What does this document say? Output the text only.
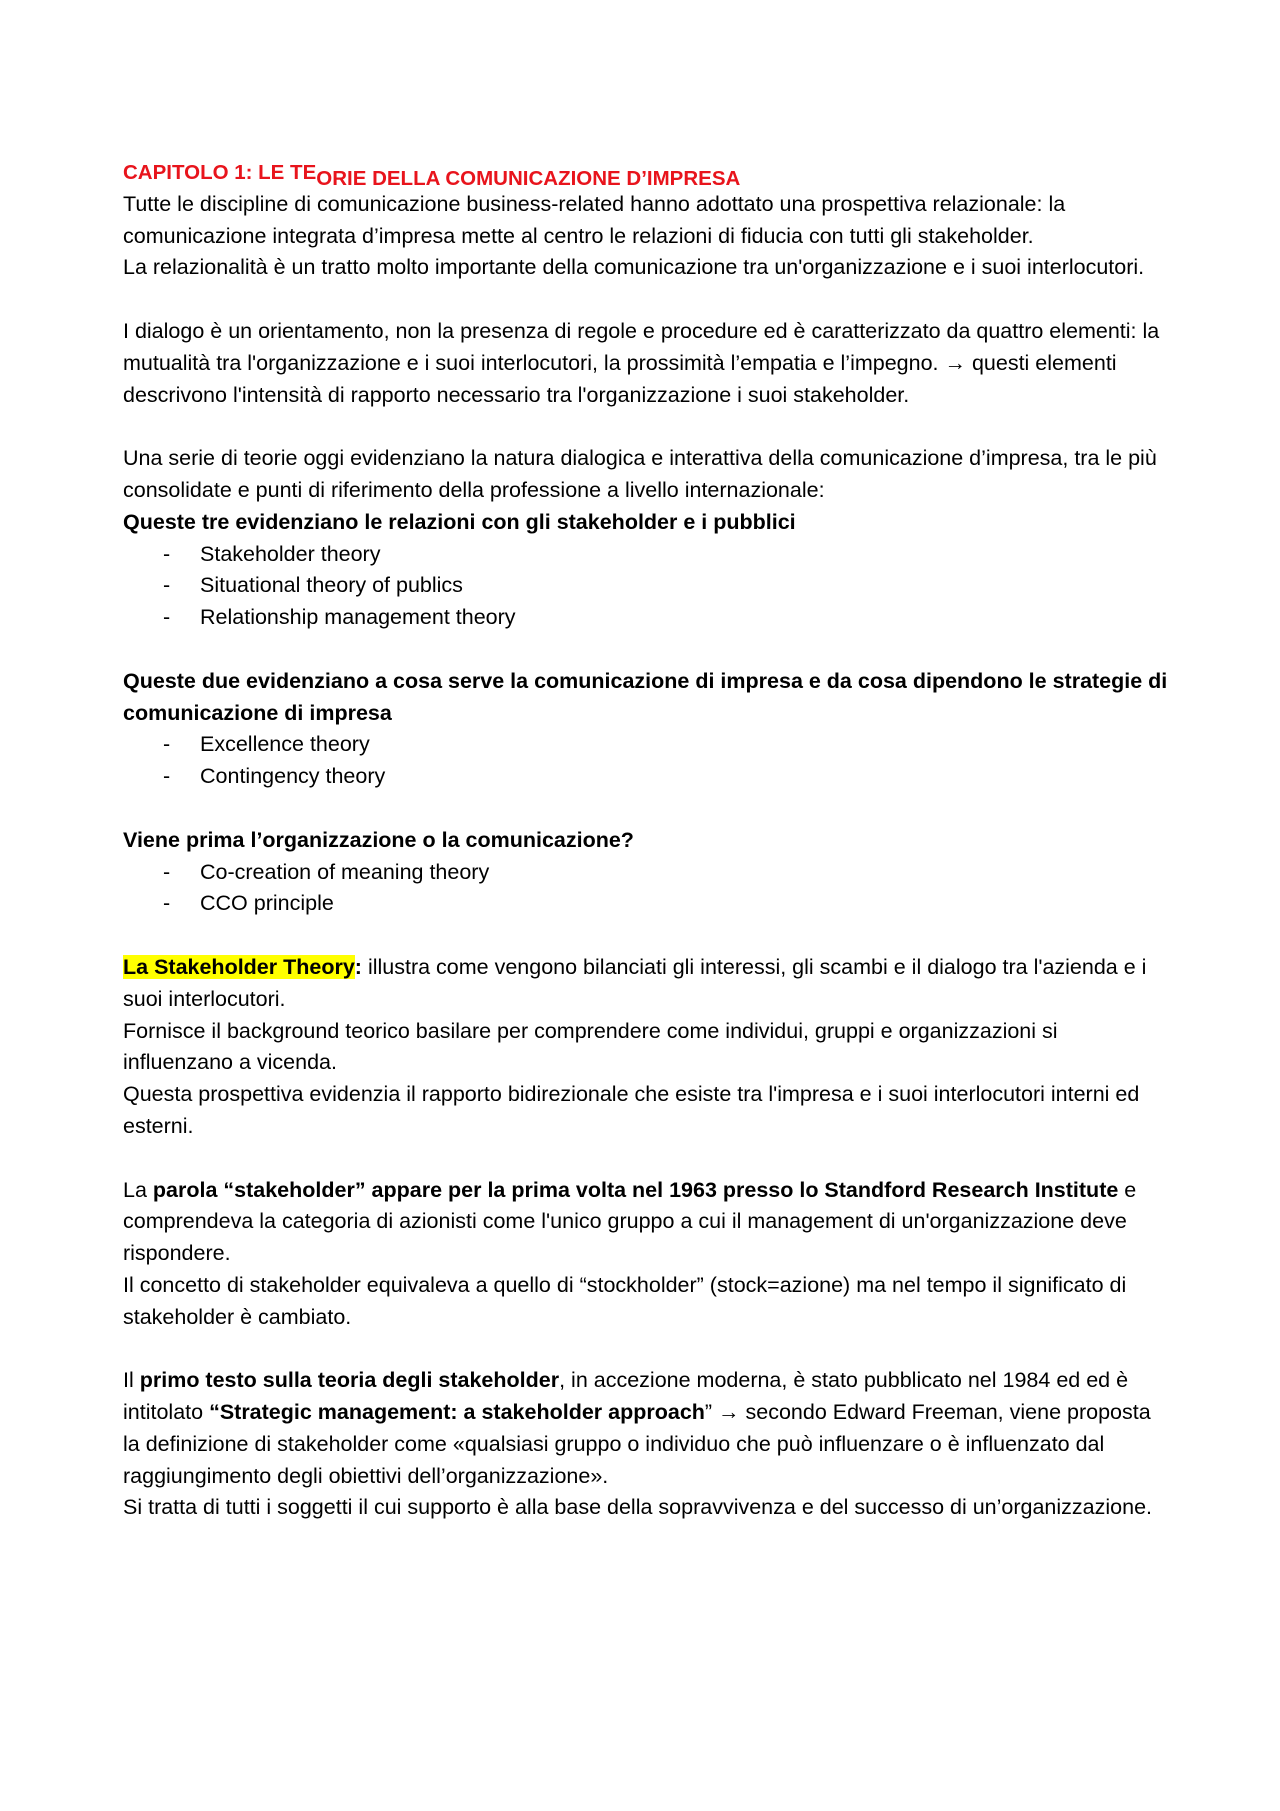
CAPITOLO 1: LE TEORIE DELLA COMUNICAZIONE D’IMPRESA

Tutte le discipline di comunicazione business-related hanno adottato una prospettiva relazionale: la comunicazione integrata d’impresa mette al centro le relazioni di fiducia con tutti gli stakeholder.

La relazionalità è un tratto molto importante della comunicazione tra un'organizzazione e i suoi interlocutori.

I dialogo è un orientamento, non la presenza di regole e procedure ed è caratterizzato da quattro elementi: la mutualità tra l'organizzazione e i suoi interlocutori, la prossimità l’empatia e l’impegno. → questi elementi descrivono l'intensità di rapporto necessario tra l'organizzazione i suoi stakeholder.

Una serie di teorie oggi evidenziano la natura dialogica e interattiva della comunicazione d’impresa, tra le più consolidate e punti di riferimento della professione a livello internazionale:

Queste tre evidenziano le relazioni con gli stakeholder e i pubblici

- Stakeholder theory
- Situational theory of publics
- Relationship management theory

Queste due evidenziano a cosa serve la comunicazione di impresa e da cosa dipendono le strategie di comunicazione di impresa

- Excellence theory
- Contingency theory

Viene prima l’organizzazione o la comunicazione?

- Co-creation of meaning theory
- CCO principle

La Stakeholder Theory: illustra come vengono bilanciati gli interessi, gli scambi e il dialogo tra l'azienda e i suoi interlocutori.

Fornisce il background teorico basilare per comprendere come individui, gruppi e organizzazioni si influenzano a vicenda.

Questa prospettiva evidenzia il rapporto bidirezionale che esiste tra l'impresa e i suoi interlocutori interni ed esterni.

La parola “stakeholder” appare per la prima volta nel 1963 presso lo Standford Research Institute e comprendeva la categoria di azionisti come l'unico gruppo a cui il management di un'organizzazione deve rispondere.

Il concetto di stakeholder equivaleva a quello di “stockholder” (stock=azione) ma nel tempo il significato di stakeholder è cambiato.

Il primo testo sulla teoria degli stakeholder, in accezione moderna, è stato pubblicato nel 1984 ed ed è intitolato “Strategic management: a stakeholder approach” → secondo Edward Freeman, viene proposta la definizione di stakeholder come «qualsiasi gruppo o individuo che può influenzare o è influenzato dal raggiungimento degli obiettivi dell’organizzazione».

Si tratta di tutti i soggetti il cui supporto è alla base della sopravvivenza e del successo di un’organizzazione.
